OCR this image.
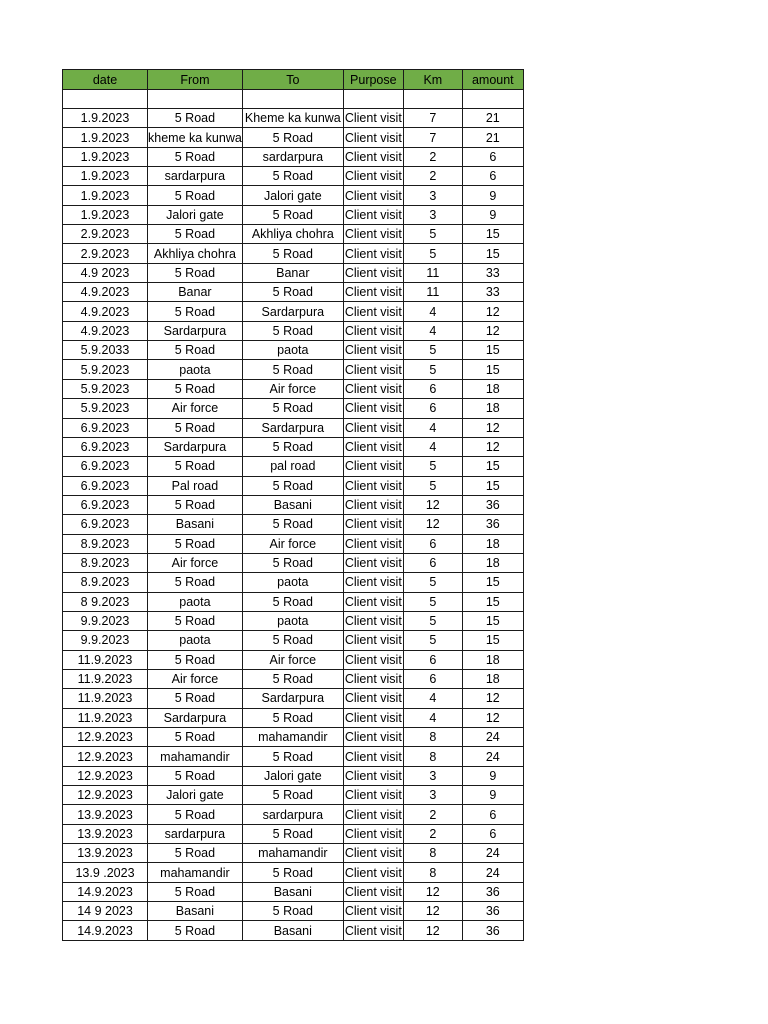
date	From	To	Purpose	Km	amount

1.9.2023	5 Road	Kheme ka kunwa	Client visit	7	21
1.9.2023	kheme ka kunwa	5 Road	Client visit	7	21
1.9.2023	5 Road	sardarpura	Client visit	2	6
1.9.2023	sardarpura	5 Road	Client visit	2	6
1.9.2023	5 Road	Jalori gate	Client visit	3	9
1.9.2023	Jalori gate	5 Road	Client visit	3	9
2.9.2023	5 Road	Akhliya chohra	Client visit	5	15
2.9.2023	Akhliya chohra	5 Road	Client visit	5	15
4.9 2023	5 Road	Banar	Client visit	11	33
4.9.2023	Banar	5 Road	Client visit	11	33
4.9.2023	5 Road	Sardarpura	Client visit	4	12
4.9.2023	Sardarpura	5 Road	Client visit	4	12
5.9.2033	5 Road	paota	Client visit	5	15
5.9.2023	paota	5 Road	Client visit	5	15
5.9.2023	5 Road	Air force	Client visit	6	18
5.9.2023	Air force	5 Road	Client visit	6	18
6.9.2023	5 Road	Sardarpura	Client visit	4	12
6.9.2023	Sardarpura	5 Road	Client visit	4	12
6.9.2023	5 Road	pal road	Client visit	5	15
6.9.2023	Pal road	5 Road	Client visit	5	15
6.9.2023	5 Road	Basani	Client visit	12	36
6.9.2023	Basani	5 Road	Client visit	12	36
8.9.2023	5 Road	Air force	Client visit	6	18
8.9.2023	Air force	5 Road	Client visit	6	18
8.9.2023	5 Road	paota	Client visit	5	15
8 9.2023	paota	5 Road	Client visit	5	15
9.9.2023	5 Road	paota	Client visit	5	15
9.9.2023	paota	5 Road	Client visit	5	15
11.9.2023	5 Road	Air force	Client visit	6	18
11.9.2023	Air force	5 Road	Client visit	6	18
11.9.2023	5 Road	Sardarpura	Client visit	4	12
11.9.2023	Sardarpura	5 Road	Client visit	4	12
12.9.2023	5 Road	mahamandir	Client visit	8	24
12.9.2023	mahamandir	5 Road	Client visit	8	24
12.9.2023	5 Road	Jalori gate	Client visit	3	9
12.9.2023	Jalori gate	5 Road	Client visit	3	9
13.9.2023	5 Road	sardarpura	Client visit	2	6
13.9.2023	sardarpura	5 Road	Client visit	2	6
13.9.2023	5 Road	mahamandir	Client visit	8	24
13.9 .2023	mahamandir	5 Road	Client visit	8	24
14.9.2023	5 Road	Basani	Client visit	12	36
14 9 2023	Basani	5 Road	Client visit	12	36
14.9.2023	5 Road	Basani	Client visit	12	36
